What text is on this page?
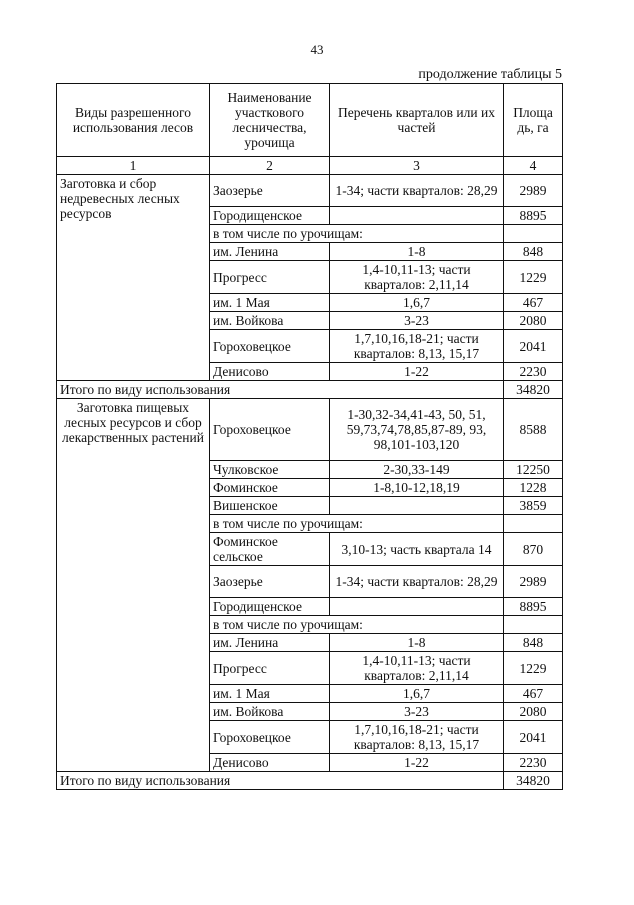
43
продолжение таблицы 5
Виды разрешенного использования лесов	Наименование участкового лесничества, урочища	Перечень кварталов или их частей	Площа дь, га
1	2	3	4
Заготовка и сбор недревесных лесных ресурсов	Заозерье	1-34; части кварталов: 28,29	2989
	Городищенское		8895
	в том числе по урочищам:		
	им. Ленина	1-8	848
	Прогресс	1,4-10,11-13; части кварталов: 2,11,14	1229
	им. 1 Мая	1,6,7	467
	им. Войкова	3-23	2080
	Гороховецкое	1,7,10,16,18-21; части кварталов: 8,13, 15,17	2041
	Денисово	1-22	2230
Итого по виду использования			34820
Заготовка пищевых лесных ресурсов и сбор лекарственных растений	Гороховецкое	1-30,32-34,41-43, 50, 51, 59,73,74,78,85,87-89, 93, 98,101-103,120	8588
	Чулковское	2-30,33-149	12250
	Фоминское	1-8,10-12,18,19	1228
	Вишенское		3859
	в том числе по урочищам:		
	Фоминское сельское	3,10-13; часть квартала 14	870
	Заозерье	1-34; части кварталов: 28,29	2989
	Городищенское		8895
	в том числе по урочищам:		
	им. Ленина	1-8	848
	Прогресс	1,4-10,11-13; части кварталов: 2,11,14	1229
	им. 1 Мая	1,6,7	467
	им. Войкова	3-23	2080
	Гороховецкое	1,7,10,16,18-21; части кварталов: 8,13, 15,17	2041
	Денисово	1-22	2230
Итого по виду использования			34820
